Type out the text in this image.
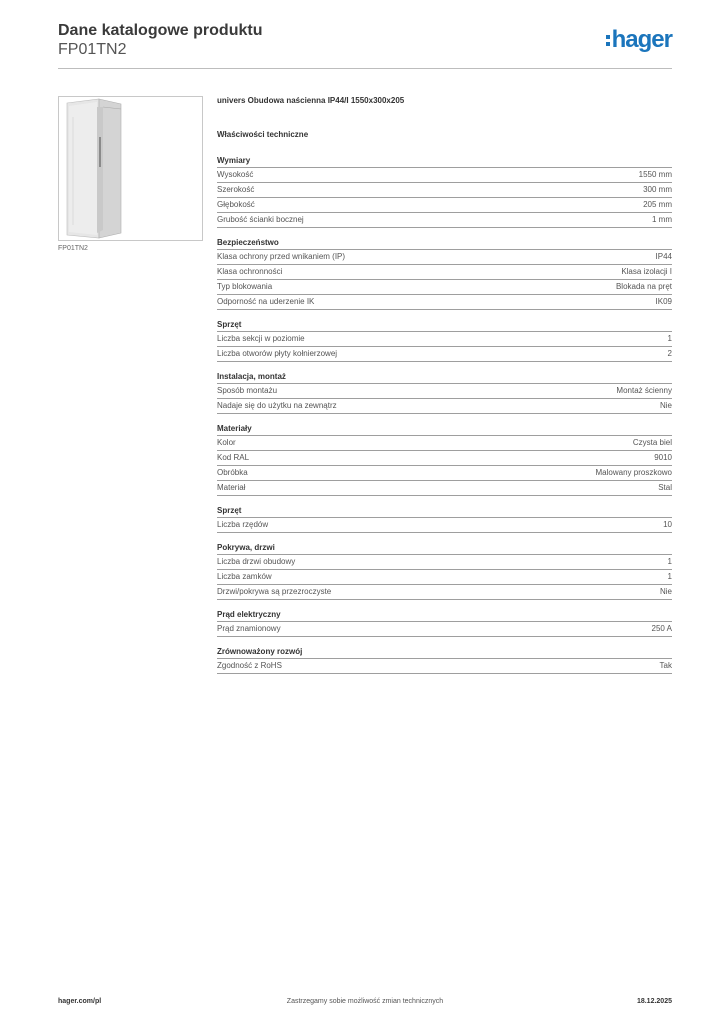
Dane katalogowe produktu
FP01TN2	hager
FP01TN2
univers Obudowa naścienna IP44/I 1550x300x205
Właściwości techniczne
Wymiary
Wysokość	1550 mm
Szerokość	300 mm
Głębokość	205 mm
Grubość ścianki bocznej	1 mm
Bezpieczeństwo
Klasa ochrony przed wnikaniem (IP)	IP44
Klasa ochronności	Klasa izolacji I
Typ blokowania	Blokada na pręt
Odporność na uderzenie IK	IK09
Sprzęt
Liczba sekcji w poziomie	1
Liczba otworów płyty kołnierzowej	2
Instalacja, montaż
Sposób montażu	Montaż ścienny
Nadaje się do użytku na zewnątrz	Nie
Materiały
Kolor	Czysta biel
Kod RAL	9010
Obróbka	Malowany proszkowo
Materiał	Stal
Sprzęt
Liczba rzędów	10
Pokrywa, drzwi
Liczba drzwi obudowy	1
Liczba zamków	1
Drzwi/pokrywa są przezroczyste	Nie
Prąd elektryczny
Prąd znamionowy	250 A
Zrównoważony rozwój
Zgodność z RoHS	Tak
hager.com/pl	Zastrzegamy sobie możliwość zmian technicznych	18.12.2025
